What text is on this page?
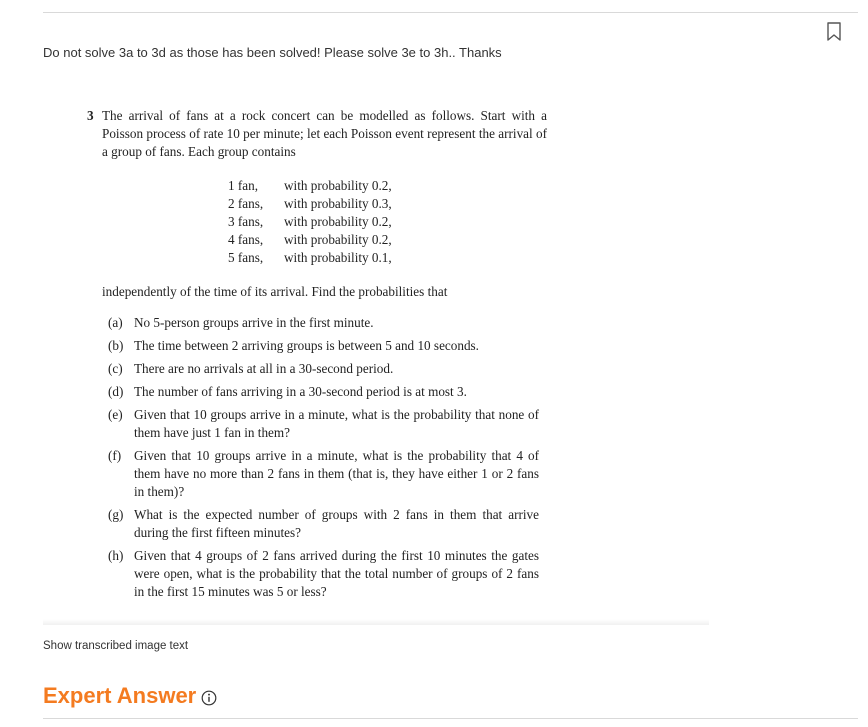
Do not solve 3a to 3d as those has been solved! Please solve 3e to 3h.. Thanks
3 The arrival of fans at a rock concert can be modelled as follows. Start with a Poisson process of rate 10 per minute; let each Poisson event represent the arrival of a group of fans. Each group contains
1 fan,	with probability 0.2,
2 fans,	with probability 0.3,
3 fans,	with probability 0.2,
4 fans,	with probability 0.2,
5 fans,	with probability 0.1,
independently of the time of its arrival. Find the probabilities that
(a) No 5-person groups arrive in the first minute.
(b) The time between 2 arriving groups is between 5 and 10 seconds.
(c) There are no arrivals at all in a 30-second period.
(d) The number of fans arriving in a 30-second period is at most 3.
(e) Given that 10 groups arrive in a minute, what is the probability that none of them have just 1 fan in them?
(f) Given that 10 groups arrive in a minute, what is the probability that 4 of them have no more than 2 fans in them (that is, they have either 1 or 2 fans in them)?
(g) What is the expected number of groups with 2 fans in them that arrive during the first fifteen minutes?
(h) Given that 4 groups of 2 fans arrived during the first 10 minutes the gates were open, what is the probability that the total number of groups of 2 fans in the first 15 minutes was 5 or less?
Show transcribed image text
Expert Answer
